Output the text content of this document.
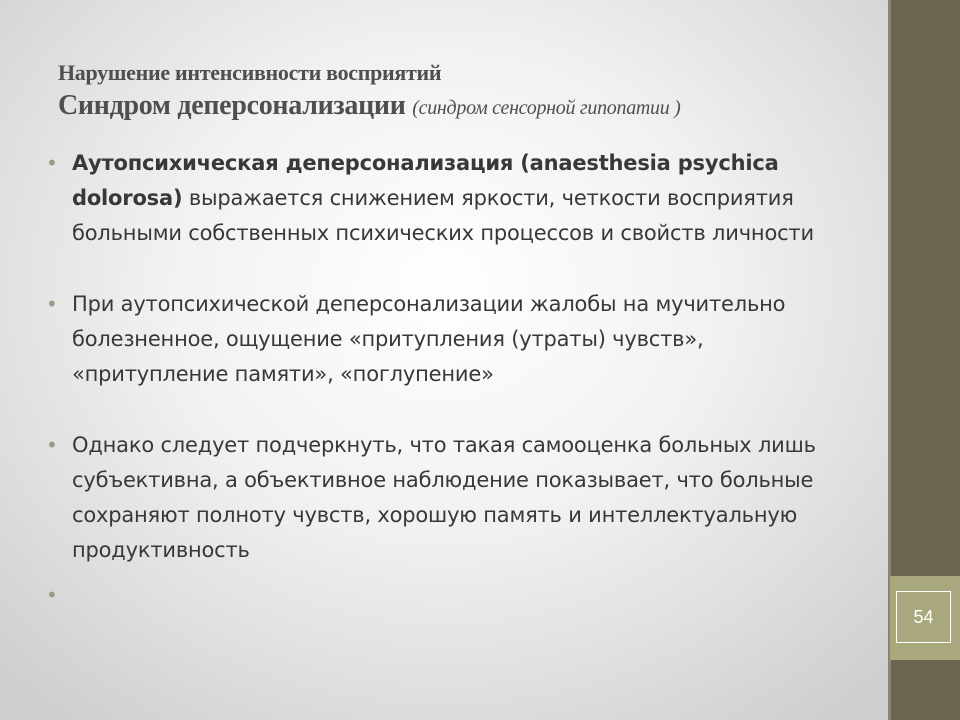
54
Нарушение интенсивности восприятий
Синдром деперсонализации (синдром сенсорной гипопатии )
• Аутопсихическая деперсонализация (anaesthesia psychica dolorosa) выражается снижением яркости, четкости восприятия больными собственных психических процессов и свойств личности
• При аутопсихической деперсонализации жалобы на мучительно болезненное, ощущение «притупления (утраты) чувств», «притупление памяти», «поглупение»
• Однако следует подчеркнуть, что такая самооценка больных лишь субъективна, а объективное наблюдение показывает, что больные сохраняют полноту чувств, хорошую память и интеллектуальную продуктивность
•
